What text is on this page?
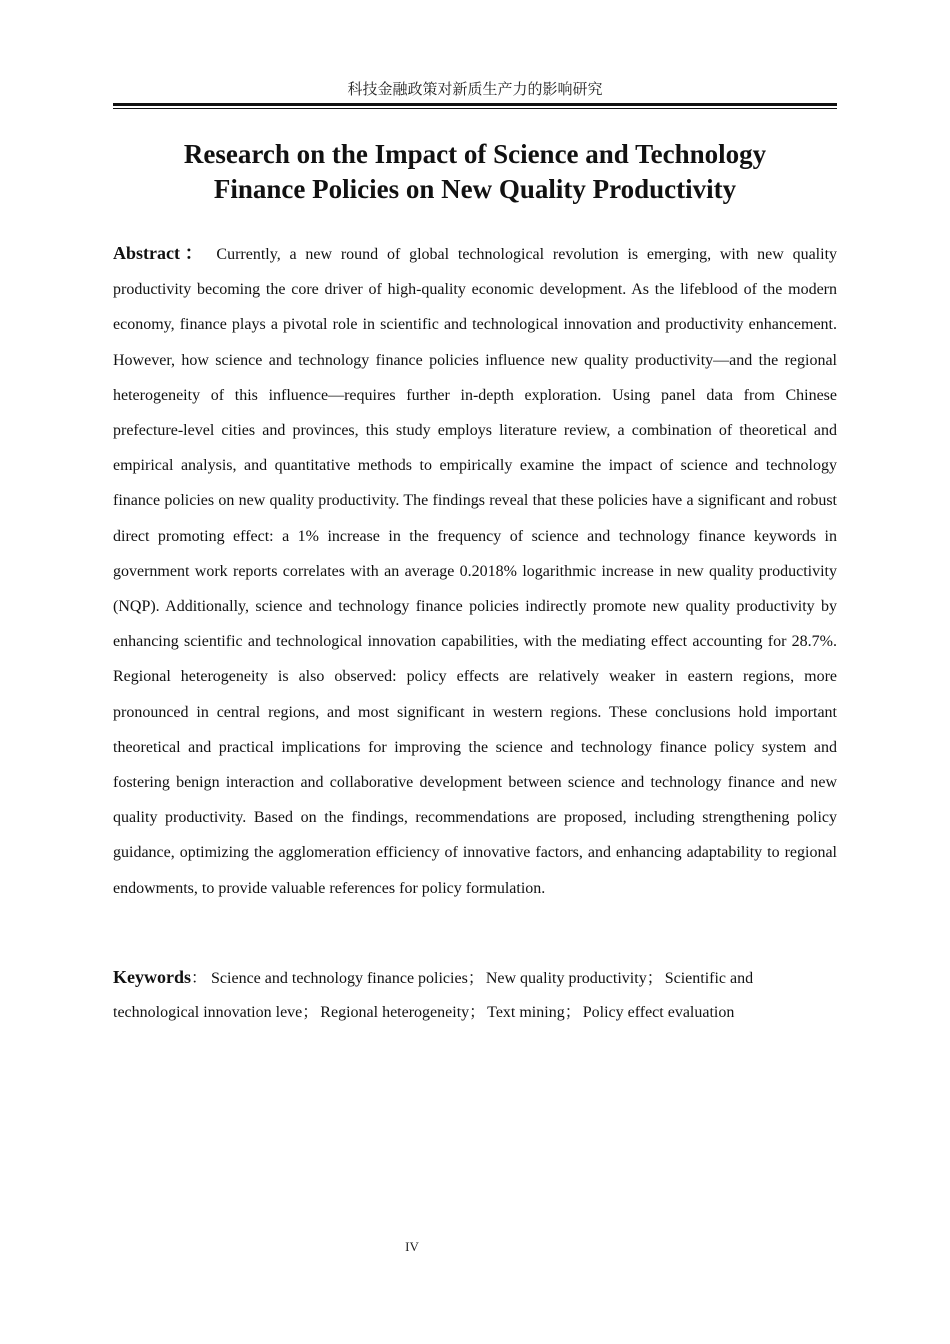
科技金融政策对新质生产力的影响研究
Research on the Impact of Science and Technology
Finance Policies on New Quality Productivity

Abstract： Currently, a new round of global technological revolution is emerging, with new quality productivity becoming the core driver of high-quality economic development. As the lifeblood of the modern economy, finance plays a pivotal role in scientific and technological innovation and productivity enhancement. However, how science and technology finance policies influence new quality productivity—and the regional heterogeneity of this influence—requires further in-depth exploration. Using panel data from Chinese prefecture-level cities and provinces, this study employs literature review, a combination of theoretical and empirical analysis, and quantitative methods to empirically examine the impact of science and technology finance policies on new quality productivity. The findings reveal that these policies have a significant and robust direct promoting effect: a 1% increase in the frequency of science and technology finance keywords in government work reports correlates with an average 0.2018% logarithmic increase in new quality productivity (NQP). Additionally, science and technology finance policies indirectly promote new quality productivity by enhancing scientific and technological innovation capabilities, with the mediating effect accounting for 28.7%. Regional heterogeneity is also observed: policy effects are relatively weaker in eastern regions, more pronounced in central regions, and most significant in western regions. These conclusions hold important theoretical and practical implications for improving the science and technology finance policy system and fostering benign interaction and collaborative development between science and technology finance and new quality productivity. Based on the findings, recommendations are proposed, including strengthening policy guidance, optimizing the agglomeration efficiency of innovative factors, and enhancing adaptability to regional endowments, to provide valuable references for policy formulation.

Keywords： Science and technology finance policies； New quality productivity； Scientific and technological innovation leve； Regional heterogeneity； Text mining； Policy effect evaluation

IV
